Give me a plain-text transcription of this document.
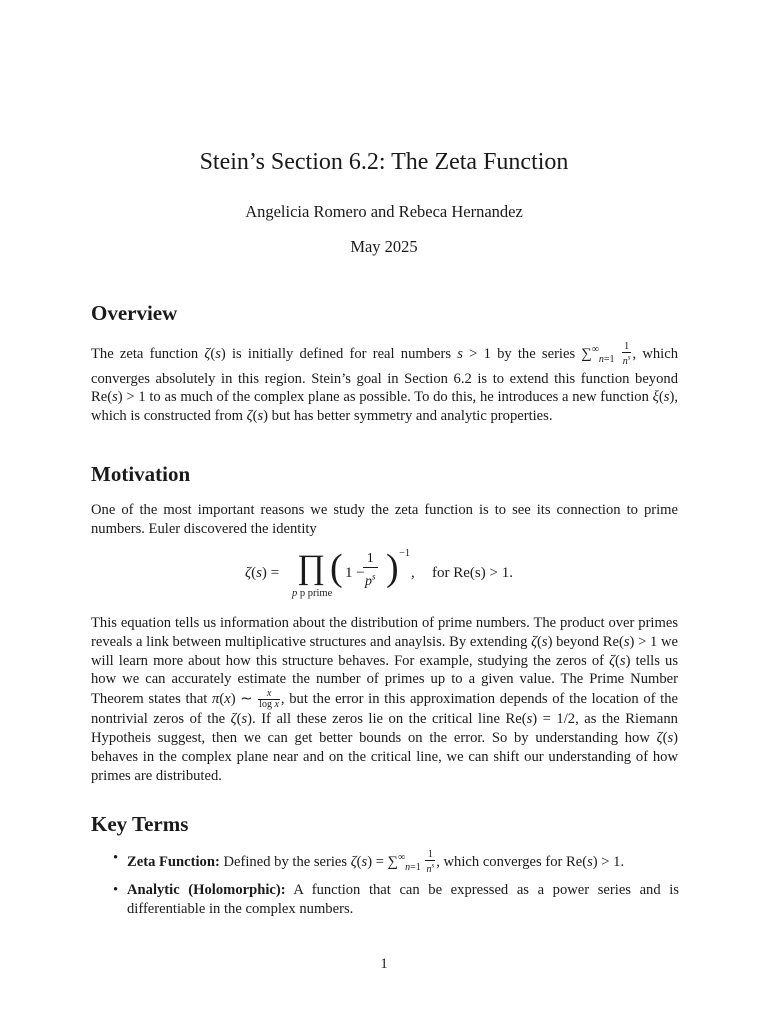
Stein’s Section 6.2: The Zeta Function
Angelicia Romero and Rebeca Hernandez
May 2025
Overview
The zeta function ζ(s) is initially defined for real numbers s > 1 by the series $\sum^\infty_{n=1} \frac{1}{n^s}$ , which converges absolutely in this region. Stein’s goal in Section 6.2 is to extend this function beyond Re(s) > 1 to as much of the complex plane as possible. To do this, he introduces a new function ξ(s), which is constructed from ζ(s) but has better symmetry and analytic properties.
Motivation
One of the most important reasons we study the zeta function is to see its connection to prime numbers. Euler discovered the identity
ζ(s) = ∏
p p prime
( 1 −
$\frac{1}{p^s}$ ) −1
, for Re(s) > 1.
This equation tells us information about the distribution of prime numbers. The product over primes reveals a link between multiplicative structures and anaylsis. By extending ζ(s) beyond Re(s) > 1 we will learn more about how this structure behaves. For example, studying the zeros of ζ(s) tells us how we can accurately estimate the number of primes up to a given value. The Prime Number Theorem states that π(x) ∼ $\frac{x}{\text{log x}}$ , but the error in this approximation depends of the location of the nontrivial zeros of the ζ(s). If all these zeros lie on the critical line Re(s) = 1/2, as the Riemann Hypotheis suggest, then we can get better bounds on the error. So by understanding how ζ(s) behaves in the complex plane near and on the critical line, we can shift our understanding of how primes are distributed.
Key Terms
• Zeta Function: Defined by the series $\zeta(s) = \sum^\infty_{n=1} \frac{1}{n^s}$ , which converges for Re(s) > 1.
• Analytic (Holomorphic): A function that can be expressed as a power series and is differentiable in the complex numbers.
1
